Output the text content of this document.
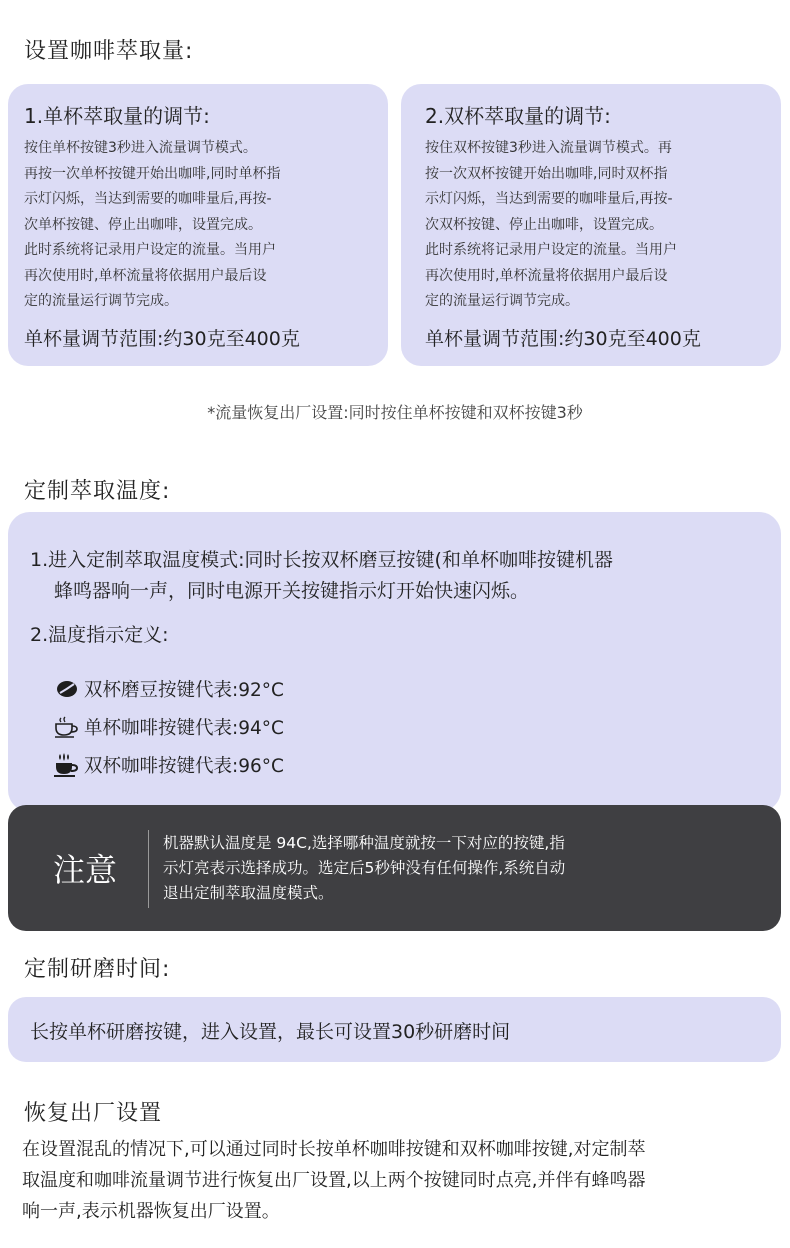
设置咖啡萃取量:
1.单杯萃取量的调节:
按住单杯按键3秒进入流量调节模式。
再按一次单杯按键开始出咖啡,同时单杯指
示灯闪烁，当达到需要的咖啡量后,再按-
次单杯按键、停止出咖啡，设置完成。
此时系统将记录用户设定的流量。当用户
再次使用时,单杯流量将依据用户最后设
定的流量运行调节完成。
单杯量调节范围:约30克至400克
2.双杯萃取量的调节:
按住双杯按键3秒进入流量调节模式。再
按一次双杯按键开始出咖啡,同时双杯指
示灯闪烁，当达到需要的咖啡量后,再按-
次双杯按键、停止出咖啡，设置完成。
此时系统将记录用户设定的流量。当用户
再次使用时,单杯流量将依据用户最后设
定的流量运行调节完成。
单杯量调节范围:约30克至400克
*流量恢复出厂设置:同时按住单杯按键和双杯按键3秒
定制萃取温度:
1.进入定制萃取温度模式:同时长按双杯磨豆按键(和单杯咖啡按键机器
蜂鸣器响一声，同时电源开关按键指示灯开始快速闪烁。
2.温度指示定义:
双杯磨豆按键代表:92°C
单杯咖啡按键代表:94°C
双杯咖啡按键代表:96°C
注意
机器默认温度是 94C,选择哪种温度就按一下对应的按键,指
示灯亮表示选择成功。选定后5秒钟没有任何操作,系统自动
退出定制萃取温度模式。
定制研磨时间:
长按单杯研磨按键，进入设置，最长可设置30秒研磨时间
恢复出厂设置
在设置混乱的情况下,可以通过同时长按单杯咖啡按键和双杯咖啡按键,对定制萃
取温度和咖啡流量调节进行恢复出厂设置,以上两个按键同时点亮,并伴有蜂鸣器
响一声,表示机器恢复出厂设置。
